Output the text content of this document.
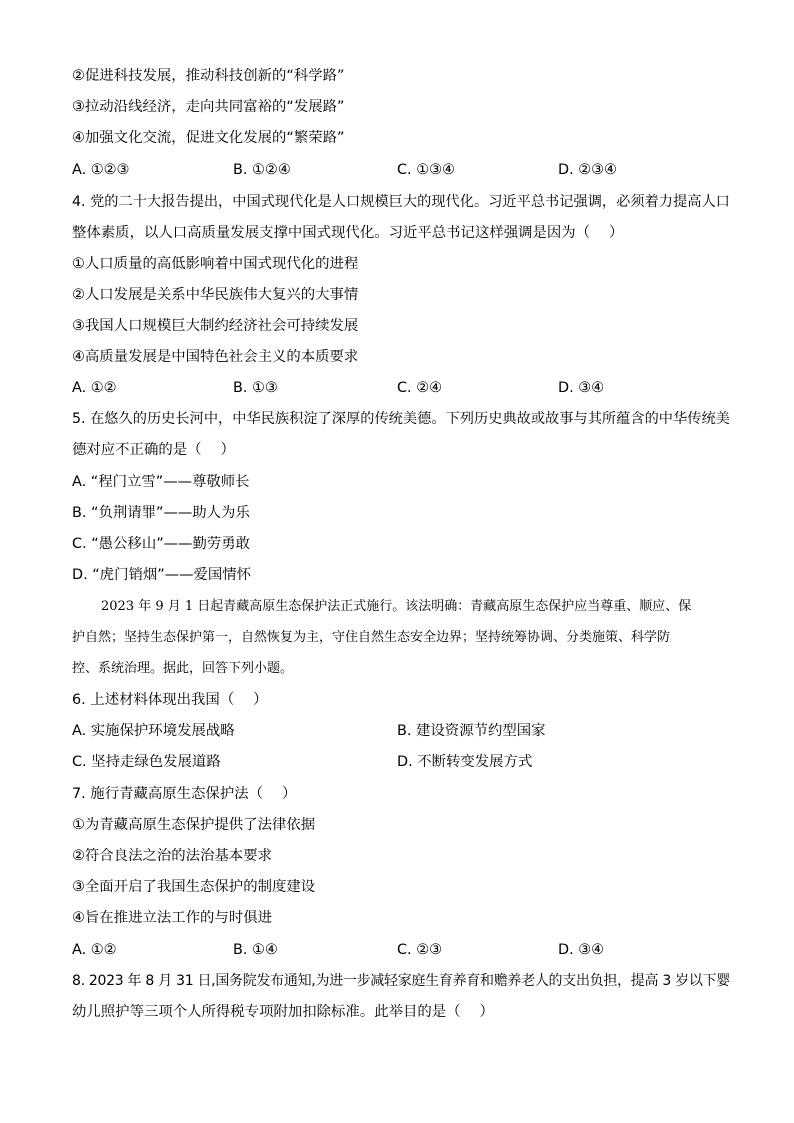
②促进科技发展，推动科技创新的“科学路”
③拉动沿线经济，走向共同富裕的“发展路”
④加强文化交流，促进文化发展的“繁荣路”
A. ①②③	B. ①②④	C. ①③④	D. ②③④
4. 党的二十大报告提出，中国式现代化是人口规模巨大的现代化。习近平总书记强调，必须着力提高人口
整体素质，以人口高质量发展支撑中国式现代化。习近平总书记这样强调是因为（　 ）
①人口质量的高低影响着中国式现代化的进程
②人口发展是关系中华民族伟大复兴的大事情
③我国人口规模巨大制约经济社会可持续发展
④高质量发展是中国特色社会主义的本质要求
A. ①②	B. ①③	C. ②④	D. ③④
5. 在悠久的历史长河中，中华民族积淀了深厚的传统美德。下列历史典故或故事与其所蕴含的中华传统美
德对应不正确的是（　 ）
A. “程门立雪”——尊敬师长
B. “负荆请罪”——助人为乐
C. “愚公移山”——勤劳勇敢
D. “虎门销烟”——爱国情怀
2023 年 9 月 1 日起青藏高原生态保护法正式施行。该法明确：青藏高原生态保护应当尊重、顺应、保
护自然；坚持生态保护第一，自然恢复为主，守住自然生态安全边界；坚持统筹协调、分类施策、科学防
控、系统治理。据此，回答下列小题。
6. 上述材料体现出我国（　 ）
A. 实施保护环境发展战略	B. 建设资源节约型国家
C. 坚持走绿色发展道路	D. 不断转变发展方式
7. 施行青藏高原生态保护法（　 ）
①为青藏高原生态保护提供了法律依据
②符合良法之治的法治基本要求
③全面开启了我国生态保护的制度建设
④旨在推进立法工作的与时俱进
A. ①②	B. ①④	C. ②③	D. ③④
8. 2023 年 8 月 31 日,国务院发布通知,为进一步减轻家庭生育养育和赡养老人的支出负担，提高 3 岁以下婴
幼儿照护等三项个人所得税专项附加扣除标准。此举目的是（　 ）
